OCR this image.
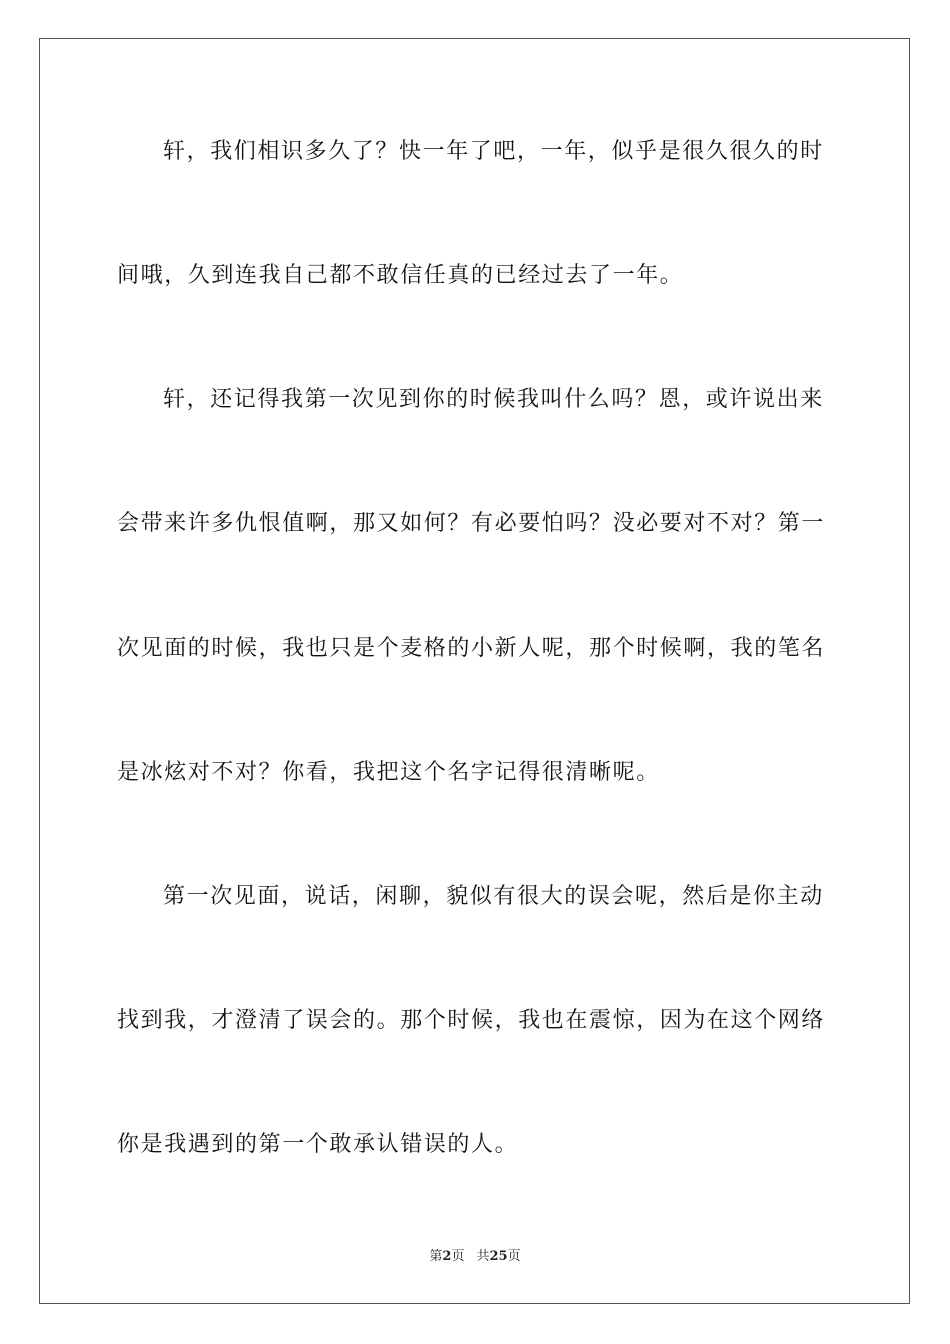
轩，我们相识多久了？快一年了吧，一年，似乎是很久很久的时
间哦，久到连我自己都不敢信任真的已经过去了一年。
轩，还记得我第一次见到你的时候我叫什么吗？恩，或许说出来
会带来许多仇恨值啊，那又如何？有必要怕吗？没必要对不对？第一
次见面的时候，我也只是个麦格的小新人呢，那个时候啊，我的笔名
是冰炫对不对？你看，我把这个名字记得很清晰呢。
第一次见面，说话，闲聊，貌似有很大的误会呢，然后是你主动
找到我，才澄清了误会的。那个时候，我也在震惊，因为在这个网络
你是我遇到的第一个敢承认错误的人。
第2页 共25页
